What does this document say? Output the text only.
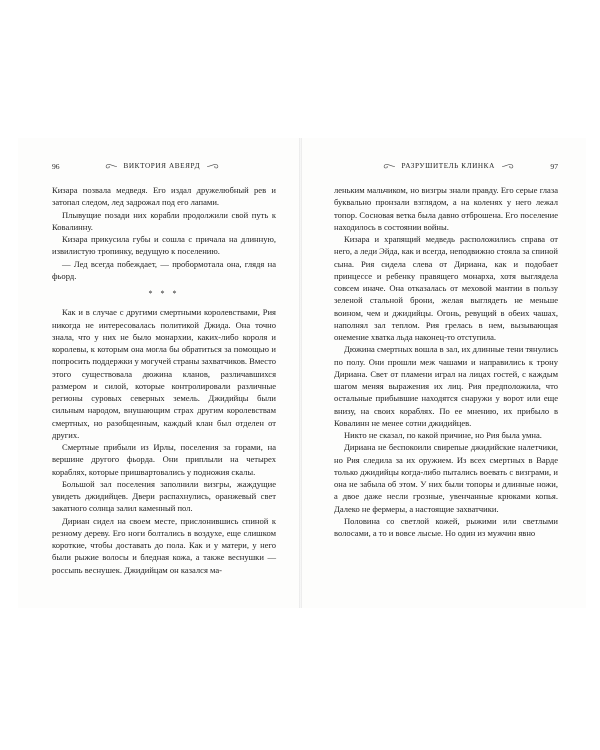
96	ВИКТОРИЯ АВЕЯРД

Кизара позвала медведя. Его издал дружелюбный рев и затопал следом, лед задрожал под его лапами.

Плывущие позади них корабли продолжили свой путь к Ковалинну.

Кизара прикусила губы и сошла с причала на длинную, извилистую тропинку, ведущую к поселению.

— Лед всегда побеждает, — пробормотала она, глядя на фьорд.

* * *

Как и в случае с другими смертными королевствами, Рия никогда не интересовалась политикой Джида. Она точно знала, что у них не было монархии, каких-либо короля и королевы, к которым она могла бы обратиться за помощью и попросить поддержки у могучей страны захватчиков. Вместо этого существовала дюжина кланов, различавшихся размером и силой, которые контролировали различные регионы суровых северных земель. Джидийцы были сильным народом, внушающим страх другим королевствам смертных, но разобщенным, каждый клан был отделен от других.

Смертные прибыли из Ирлы, поселения за горами, на вершине другого фьорда. Они приплыли на четырех кораблях, которые пришвартовались у подножия скалы.

Большой зал поселения заполнили визгры, жаждущие увидеть джидийцев. Двери распахнулись, оранжевый свет закатного солнца залил каменный пол.

Дириан сидел на своем месте, прислонившись спиной к резному дереву. Его ноги болтались в воздухе, еще слишком короткие, чтобы доставать до пола. Как и у матери, у него были рыжие волосы и бледная кожа, а также веснушки — россыпь веснушек. Джидийцам он казался ма-

РАЗРУШИТЕЛЬ КЛИНКА	97

леньким мальчиком, но визгры знали правду. Его серые глаза буквально пронзали взглядом, а на коленях у него лежал топор. Сосновая ветка была давно отброшена. Его поселение находилось в состоянии войны.

Кизара и храпящий медведь расположились справа от него, а леди Эйда, как и всегда, неподвижно стояла за спиной сына. Рия сидела слева от Дириана, как и подобает принцессе и ребенку правящего монарха, хотя выглядела совсем иначе. Она отказалась от меховой мантии в пользу зеленой стальной брони, желая выглядеть не меньше воином, чем и джидийцы. Огонь, ревущий в обеих чашах, наполнял зал теплом. Рия грелась в нем, вызывающая онемение хватка льда наконец-то отступила.

Дюжина смертных вошла в зал, их длинные тени тянулись по полу. Они прошли меж чашами и направились к трону Дириана. Свет от пламени играл на лицах гостей, с каждым шагом меняя выражения их лиц. Рия предположила, что остальные прибывшие находятся снаружи у ворот или еще внизу, на своих кораблях. По ее мнению, их прибыло в Ковалинн не менее сотни джидийцев.

Никто не сказал, по какой причине, но Рия была умна.

Дириана не беспокоили свирепые джидийские налетчики, но Рия следила за их оружием. Из всех смертных в Варде только джидийцы когда-либо пытались воевать с визграми, и она не забыла об этом. У них были топоры и длинные ножи, а двое даже несли грозные, увенчанные крюками копья. Далеко не фермеры, а настоящие захватчики.

Половина со светлой кожей, рыжими или светлыми волосами, а то и вовсе лысые. Но один из мужчин явно
